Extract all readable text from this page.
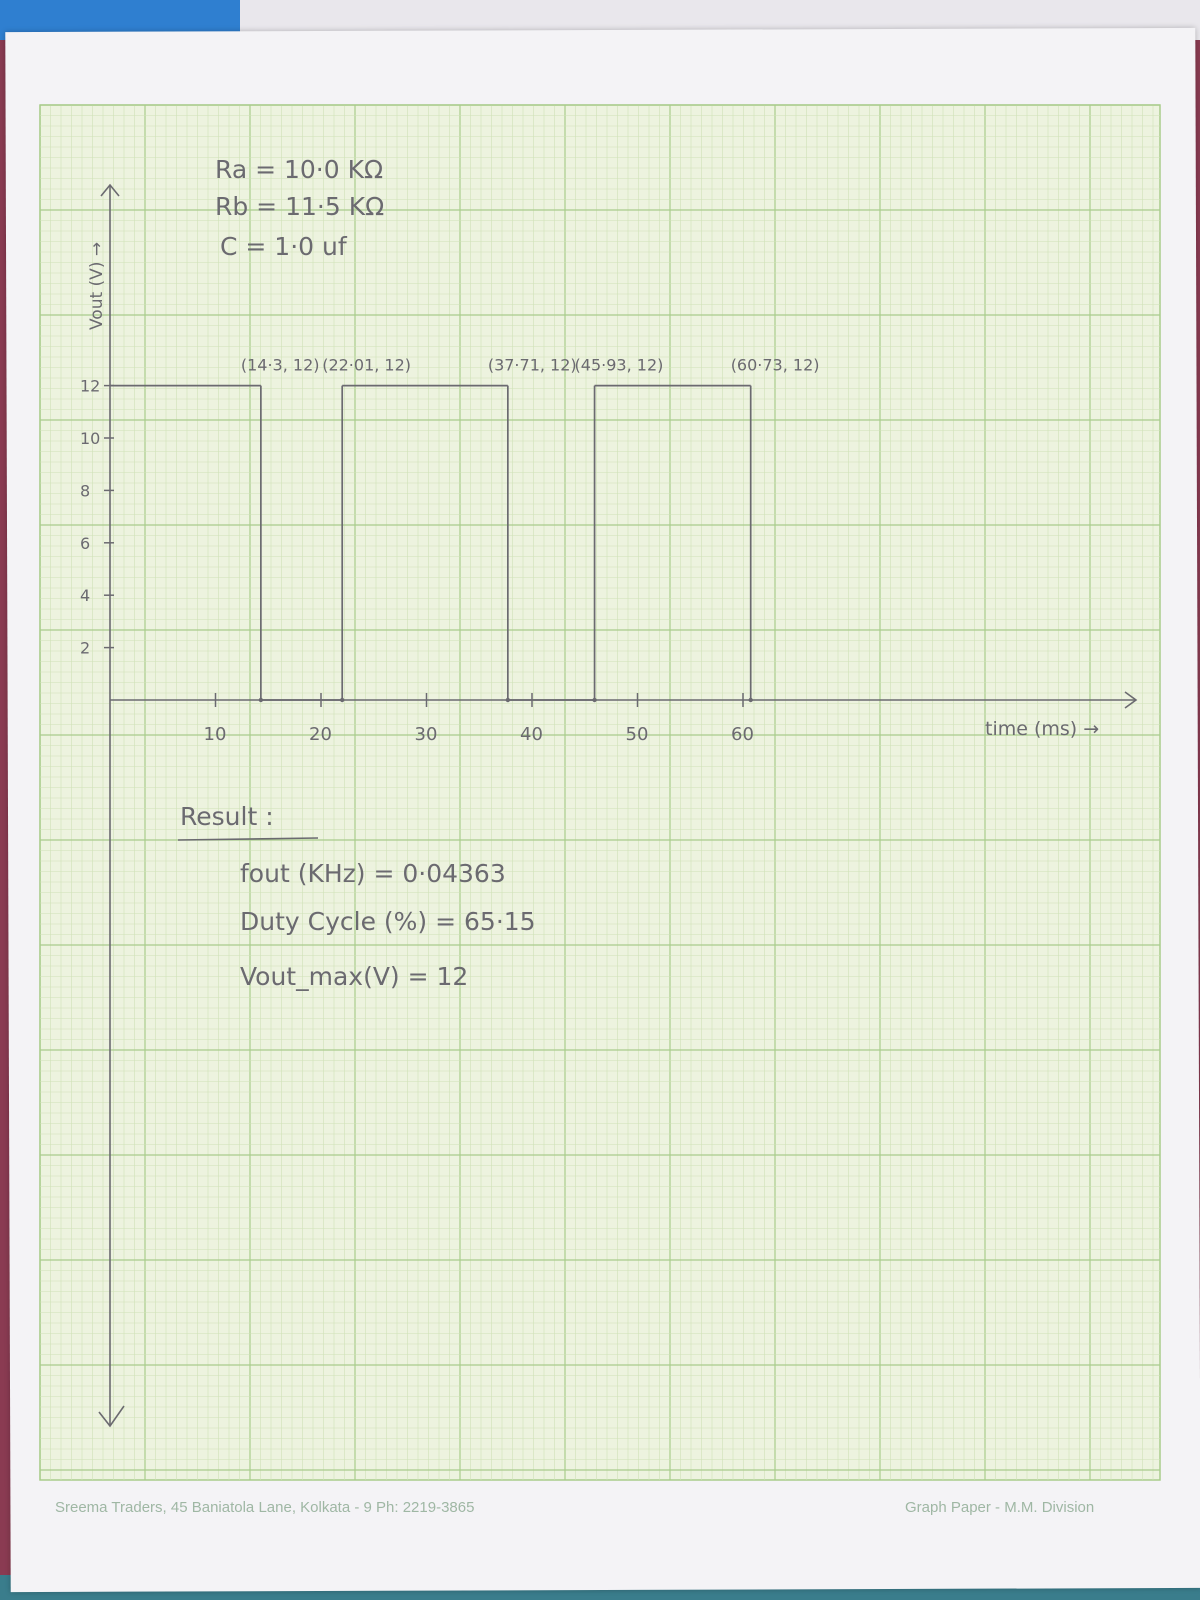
10	20	30	40	50	60
2
4
6
8
10
12
(14·3, 12) (22·01, 12)	(37·71, 12)
(45·93, 12)	(60·73, 12)
time (ms) →
Vout (V) →
Ra = 10·0 KΩ
Rb = 11·5 KΩ
C = 1·0 uf
Result :
fout (KHz) = 0·04363
Duty Cycle (%) = 65·15
Vout_max(V) = 12
Sreema Traders, 45 Baniatola Lane, Kolkata - 9 Ph: 2219-3865	Graph Paper - M.M. Division
